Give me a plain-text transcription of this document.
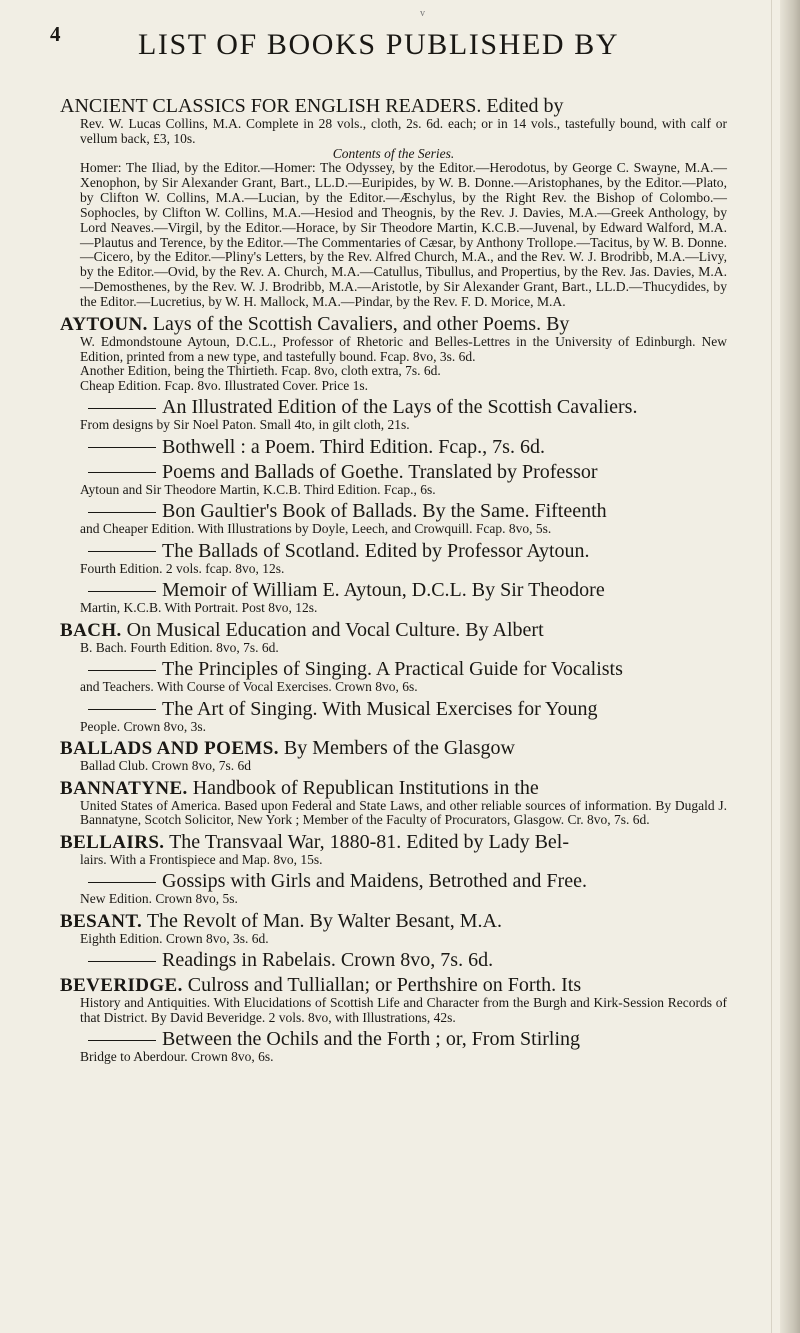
v
4	LIST OF BOOKS PUBLISHED BY
ANCIENT CLASSICS FOR ENGLISH READERS. Edited by
Rev. W. Lucas Collins, M.A. Complete in 28 vols., cloth, 2s. 6d. each; or in 14 vols., tastefully bound, with calf or vellum back, £3, 10s.
Contents of the Series.
Homer: The Iliad, by the Editor.—Homer: The Odyssey, by the Editor.—Herodotus, by George C. Swayne, M.A.—Xenophon, by Sir Alexander Grant, Bart., LL.D.—Euripides, by W. B. Donne.—Aristophanes, by the Editor.—Plato, by Clifton W. Collins, M.A.—Lucian, by the Editor.—Æschylus, by the Right Rev. the Bishop of Colombo.—Sophocles, by Clifton W. Collins, M.A.—Hesiod and Theognis, by the Rev. J. Davies, M.A.—Greek Anthology, by Lord Neaves.—Virgil, by the Editor.—Horace, by Sir Theodore Martin, K.C.B.—Juvenal, by Edward Walford, M.A.—Plautus and Terence, by the Editor.—The Commentaries of Cæsar, by Anthony Trollope.—Tacitus, by W. B. Donne.—Cicero, by the Editor.—Pliny's Letters, by the Rev. Alfred Church, M.A., and the Rev. W. J. Brodribb, M.A.—Livy, by the Editor.—Ovid, by the Rev. A. Church, M.A.—Catullus, Tibullus, and Propertius, by the Rev. Jas. Davies, M.A.—Demosthenes, by the Rev. W. J. Brodribb, M.A.—Aristotle, by Sir Alexander Grant, Bart., LL.D.—Thucydides, by the Editor.—Lucretius, by W. H. Mallock, M.A.—Pindar, by the Rev. F. D. Morice, M.A.
AYTOUN. Lays of the Scottish Cavaliers, and other Poems. By
W. Edmondstoune Aytoun, D.C.L., Professor of Rhetoric and Belles-Lettres in the University of Edinburgh. New Edition, printed from a new type, and tastefully bound. Fcap. 8vo, 3s. 6d.
Another Edition, being the Thirtieth. Fcap. 8vo, cloth extra, 7s. 6d.
Cheap Edition. Fcap. 8vo. Illustrated Cover. Price 1s.
An Illustrated Edition of the Lays of the Scottish Cavaliers.
From designs by Sir Noel Paton. Small 4to, in gilt cloth, 21s.
Bothwell : a Poem. Third Edition. Fcap., 7s. 6d.
Poems and Ballads of Goethe. Translated by Professor
Aytoun and Sir Theodore Martin, K.C.B. Third Edition. Fcap., 6s.
Bon Gaultier's Book of Ballads. By the Same. Fifteenth
and Cheaper Edition. With Illustrations by Doyle, Leech, and Crowquill. Fcap. 8vo, 5s.
The Ballads of Scotland. Edited by Professor Aytoun.
Fourth Edition. 2 vols. fcap. 8vo, 12s.
Memoir of William E. Aytoun, D.C.L. By Sir Theodore
Martin, K.C.B. With Portrait. Post 8vo, 12s.
BACH. On Musical Education and Vocal Culture. By Albert
B. Bach. Fourth Edition. 8vo, 7s. 6d.
The Principles of Singing. A Practical Guide for Vocalists
and Teachers. With Course of Vocal Exercises. Crown 8vo, 6s.
The Art of Singing. With Musical Exercises for Young
People. Crown 8vo, 3s.
BALLADS AND POEMS. By Members of the Glasgow
Ballad Club. Crown 8vo, 7s. 6d
BANNATYNE. Handbook of Republican Institutions in the
United States of America. Based upon Federal and State Laws, and other reliable sources of information. By Dugald J. Bannatyne, Scotch Solicitor, New York ; Member of the Faculty of Procurators, Glasgow. Cr. 8vo, 7s. 6d.
BELLAIRS. The Transvaal War, 1880-81. Edited by Lady Bel-
lairs. With a Frontispiece and Map. 8vo, 15s.
Gossips with Girls and Maidens, Betrothed and Free.
New Edition. Crown 8vo, 5s.
BESANT. The Revolt of Man. By Walter Besant, M.A.
Eighth Edition. Crown 8vo, 3s. 6d.
Readings in Rabelais. Crown 8vo, 7s. 6d.
BEVERIDGE. Culross and Tulliallan; or Perthshire on Forth. Its
History and Antiquities. With Elucidations of Scottish Life and Character from the Burgh and Kirk-Session Records of that District. By David Beveridge. 2 vols. 8vo, with Illustrations, 42s.
Between the Ochils and the Forth ; or, From Stirling
Bridge to Aberdour. Crown 8vo, 6s.
